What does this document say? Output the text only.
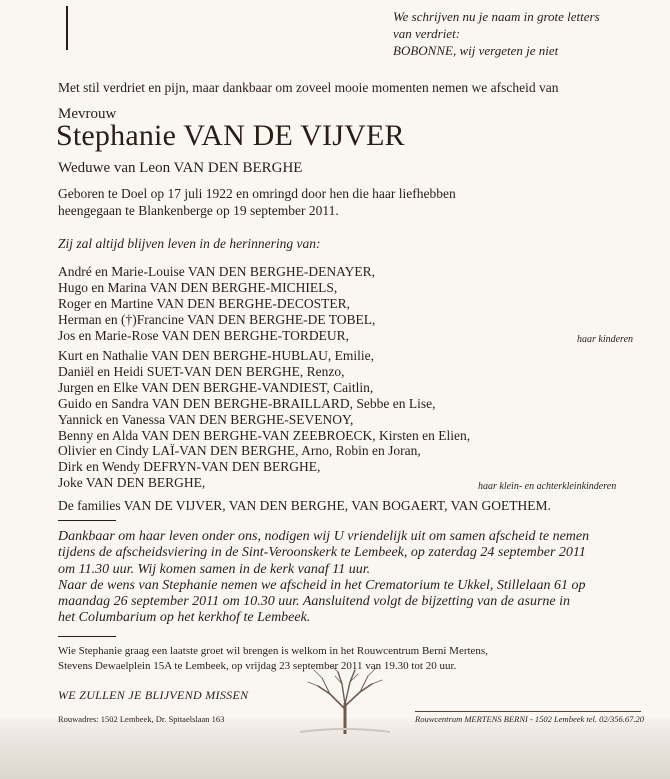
We schrijven nu je naam in grote letters
van verdriet:
BOBONNE, wij vergeten je niet
Met stil verdriet en pijn, maar dankbaar om zoveel mooie momenten nemen we afscheid van
Mevrouw
Stephanie VAN DE VIJVER
Weduwe van Leon VAN DEN BERGHE
Geboren te Doel op 17 juli 1922 en omringd door hen die haar liefhebben
heengegaan te Blankenberge op 19 september 2011.
Zij zal altijd blijven leven in de herinnering van:
André en Marie-Louise VAN DEN BERGHE-DENAYER,
Hugo en Marina VAN DEN BERGHE-MICHIELS,
Roger en Martine VAN DEN BERGHE-DECOSTER,
Herman en (†)Francine VAN DEN BERGHE-DE TOBEL,
Jos en Marie-Rose VAN DEN BERGHE-TORDEUR,	haar kinderen
Kurt en Nathalie VAN DEN BERGHE-HUBLAU, Emilie,
Daniël en Heidi SUET-VAN DEN BERGHE, Renzo,
Jurgen en Elke VAN DEN BERGHE-VANDIEST, Caitlin,
Guido en Sandra VAN DEN BERGHE-BRAILLARD, Sebbe en Lise,
Yannick en Vanessa VAN DEN BERGHE-SEVENOY,
Benny en Alda VAN DEN BERGHE-VAN ZEEBROECK, Kirsten en Elien,
Olivier en Cindy LAÏ-VAN DEN BERGHE, Arno, Robin en Joran,
Dirk en Wendy DEFRYN-VAN DEN BERGHE,
Joke VAN DEN BERGHE,	haar klein- en achterkleinkinderen
De families VAN DE VIJVER, VAN DEN BERGHE, VAN BOGAERT, VAN GOETHEM.
Dankbaar om haar leven onder ons, nodigen wij U vriendelijk uit om samen afscheid te nemen
tijdens de afscheidsviering in de Sint-Veroonskerk te Lembeek, op zaterdag 24 september 2011
om 11.30 uur. Wij komen samen in de kerk vanaf 11 uur.
Naar de wens van Stephanie nemen we afscheid in het Crematorium te Ukkel, Stillelaan 61 op
maandag 26 september 2011 om 10.30 uur. Aansluitend volgt de bijzetting van de asurne in
het Columbarium op het kerkhof te Lembeek.
Wie Stephanie graag een laatste groet wil brengen is welkom in het Rouwcentrum Berni Mertens,
Stevens Dewaelplein 15A te Lembeek, op vrijdag 23 september 2011 van 19.30 tot 20 uur.
WE ZULLEN JE BLIJVEND MISSEN
Rouwadres: 1502 Lembeek, Dr. Spitaelslaan 163	Rouwcentrum MERTENS BERNI - 1502 Lembeek tel. 02/356.67.20
